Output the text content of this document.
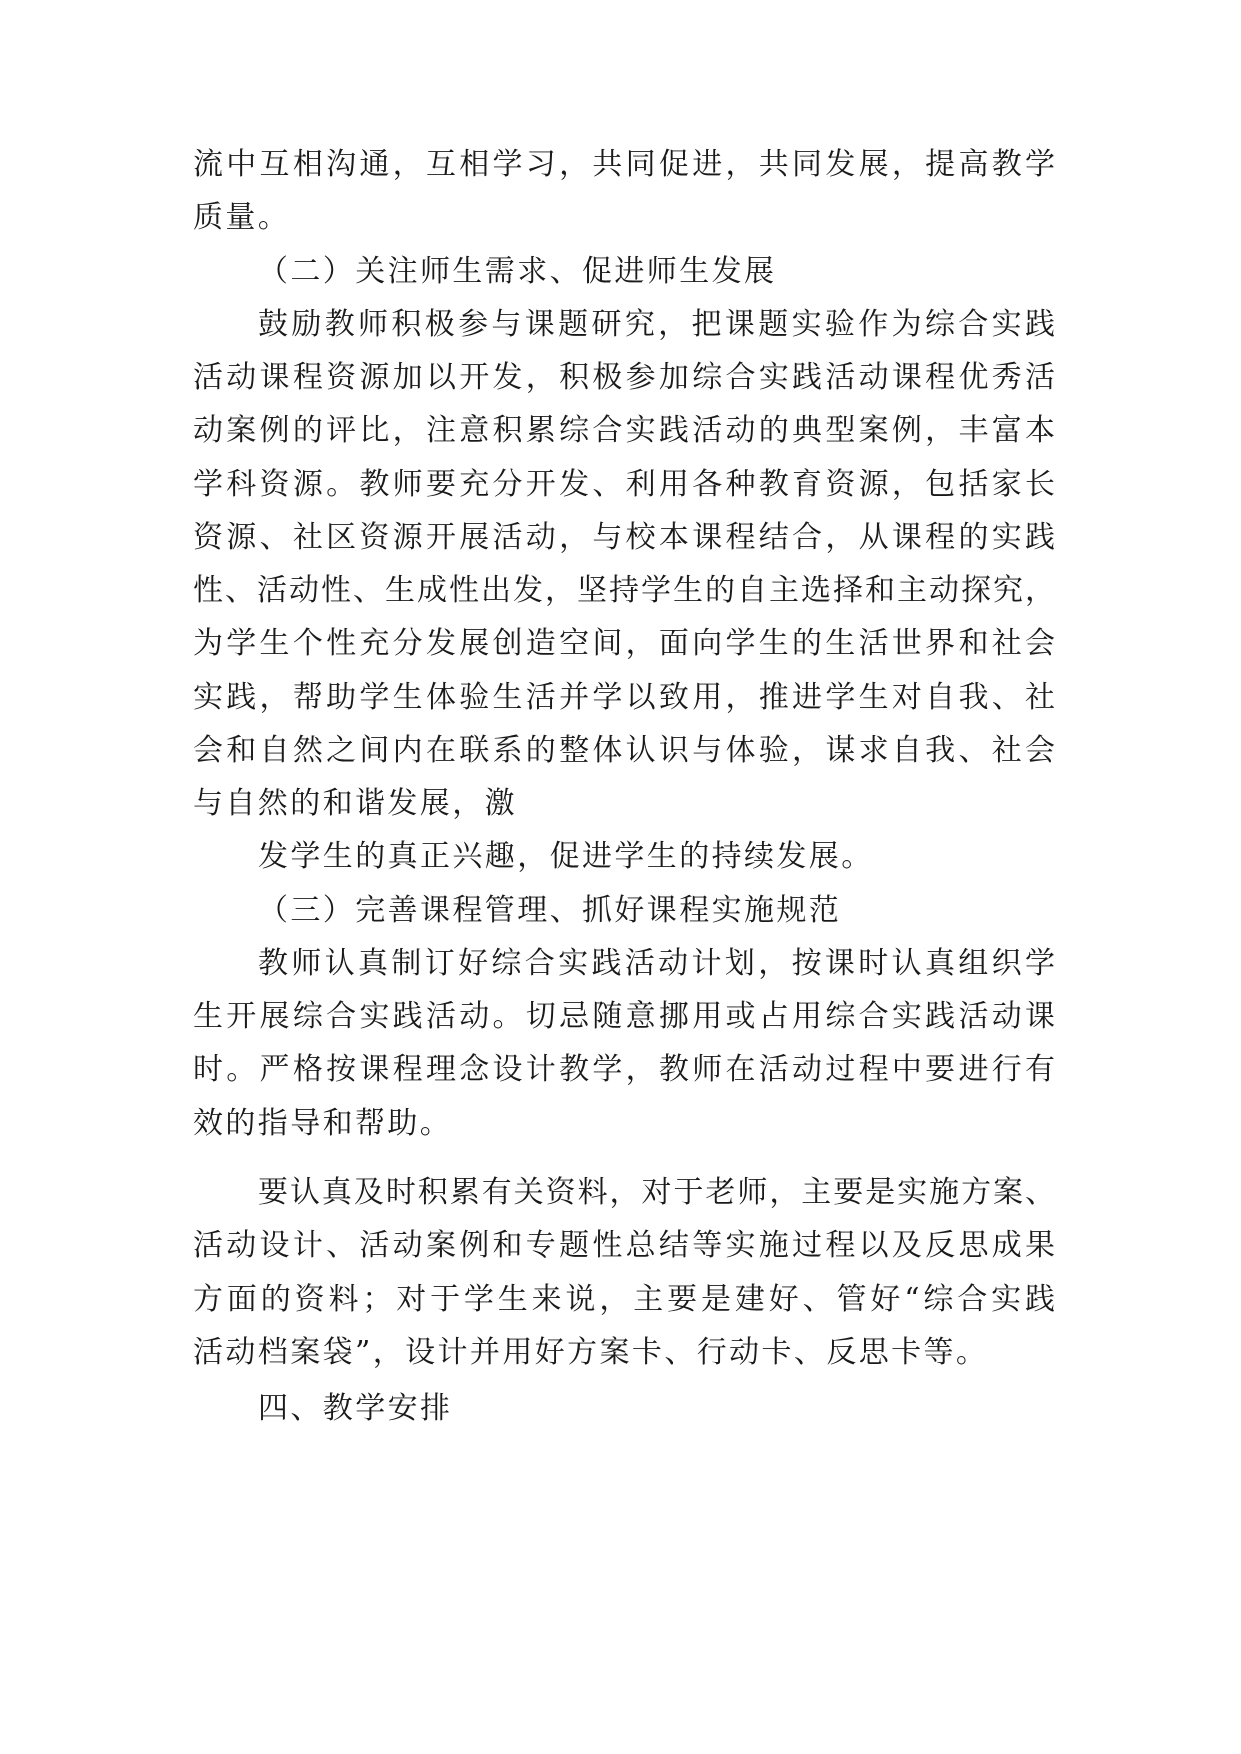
流中互相沟通，互相学习，共同促进，共同发展，提高教学
质量。
（二）关注师生需求、促进师生发展
鼓励教师积极参与课题研究，把课题实验作为综合实践
活动课程资源加以开发，积极参加综合实践活动课程优秀活
动案例的评比，注意积累综合实践活动的典型案例，丰富本
学科资源。教师要充分开发、利用各种教育资源，包括家长
资源、社区资源开展活动，与校本课程结合，从课程的实践
性、活动性、生成性出发，坚持学生的自主选择和主动探究，
为学生个性充分发展创造空间，面向学生的生活世界和社会
实践，帮助学生体验生活并学以致用，推进学生对自我、社
会和自然之间内在联系的整体认识与体验，谋求自我、社会
与自然的和谐发展，激
发学生的真正兴趣，促进学生的持续发展。
（三）完善课程管理、抓好课程实施规范
教师认真制订好综合实践活动计划，按课时认真组织学
生开展综合实践活动。切忌随意挪用或占用综合实践活动课
时。严格按课程理念设计教学，教师在活动过程中要进行有
效的指导和帮助。
要认真及时积累有关资料，对于老师，主要是实施方案、
活动设计、活动案例和专题性总结等实施过程以及反思成果
方面的资料；对于学生来说，主要是建好、管好“综合实践
活动档案袋”，设计并用好方案卡、行动卡、反思卡等。
四、教学安排
